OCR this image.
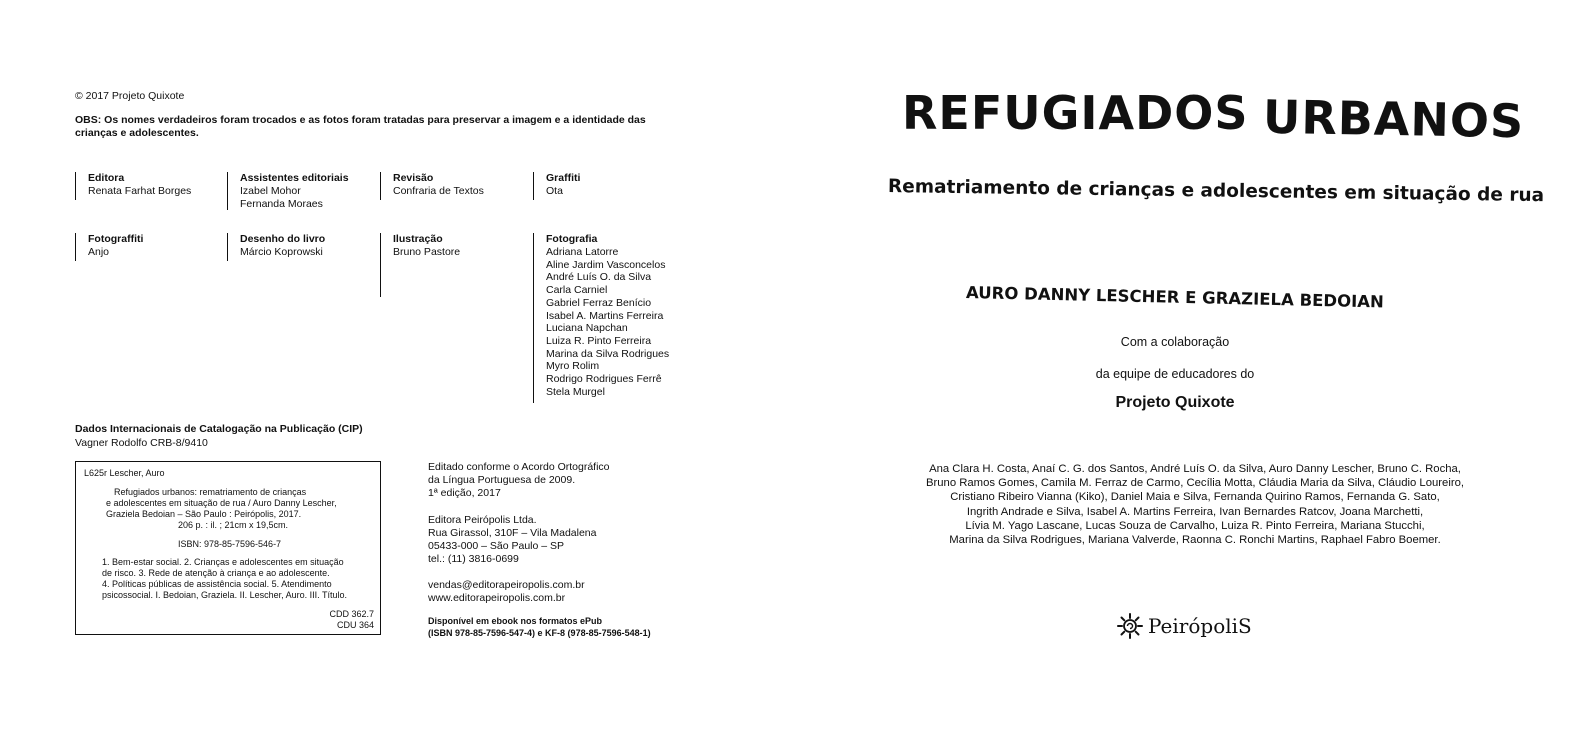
© 2017 Projeto Quixote
OBS: Os nomes verdadeiros foram trocados e as fotos foram tratadas para preservar a imagem e a identidade das
crianças e adolescentes.
Editora
Renata Farhat Borges
Assistentes editoriais
Izabel Mohor
Fernanda Moraes
Revisão
Confraria de Textos
Graffiti
Ota
Fotograffiti
Anjo
Desenho do livro
Márcio Koprowski
Ilustração
Bruno Pastore
Fotografia
Adriana Latorre
Aline Jardim Vasconcelos
André Luís O. da Silva
Carla Carniel
Gabriel Ferraz Benício
Isabel A. Martins Ferreira
Luciana Napchan
Luiza R. Pinto Ferreira
Marina da Silva Rodrigues
Myro Rolim
Rodrigo Rodrigues Ferrê
Stela Murgel
Dados Internacionais de Catalogação na Publicação (CIP)
Vagner Rodolfo CRB-8/9410
L625r Lescher, Auro
Refugiados urbanos: rematriamento de crianças
e adolescentes em situação de rua / Auro Danny Lescher,
Graziela Bedoian – São Paulo : Peirópolis, 2017.
206 p. : il. ; 21cm x 19,5cm.
ISBN: 978-85-7596-546-7
1. Bem-estar social. 2. Crianças e adolescentes em situação
de risco. 3. Rede de atenção à criança e ao adolescente.
4. Políticas públicas de assistência social. 5. Atendimento
psicossocial. I. Bedoian, Graziela. II. Lescher, Auro. III. Título.
CDD 362.7
CDU 364
Editado conforme o Acordo Ortográfico
da Língua Portuguesa de 2009.
1ª edição, 2017
Editora Peirópolis Ltda.
Rua Girassol, 310F – Vila Madalena
05433-000 – São Paulo – SP
tel.: (11) 3816-0699
vendas@editorapeiropolis.com.br
www.editorapeiropolis.com.br
Disponível em ebook nos formatos ePub
(ISBN 978-85-7596-547-4) e KF-8 (978-85-7596-548-1)
REFUGIADOS URBANOS
Rematriamento de crianças e adolescentes em situação de rua
AURO DANNY LESCHER E GRAZIELA BEDOIAN
Com a colaboração
da equipe de educadores do
Projeto Quixote
Ana Clara H. Costa, Anaí C. G. dos Santos, André Luís O. da Silva, Auro Danny Lescher, Bruno C. Rocha,
Bruno Ramos Gomes, Camila M. Ferraz de Carmo, Cecília Motta, Cláudia Maria da Silva, Cláudio Loureiro,
Cristiano Ribeiro Vianna (Kiko), Daniel Maia e Silva, Fernanda Quirino Ramos, Fernanda G. Sato,
Ingrith Andrade e Silva, Isabel A. Martins Ferreira, Ivan Bernardes Ratcov, Joana Marchetti,
Lívia M. Yago Lascane, Lucas Souza de Carvalho, Luiza R. Pinto Ferreira, Mariana Stucchi,
Marina da Silva Rodrigues, Mariana Valverde, Raonna C. Ronchi Martins, Raphael Fabro Boemer.
PeirópoliS
